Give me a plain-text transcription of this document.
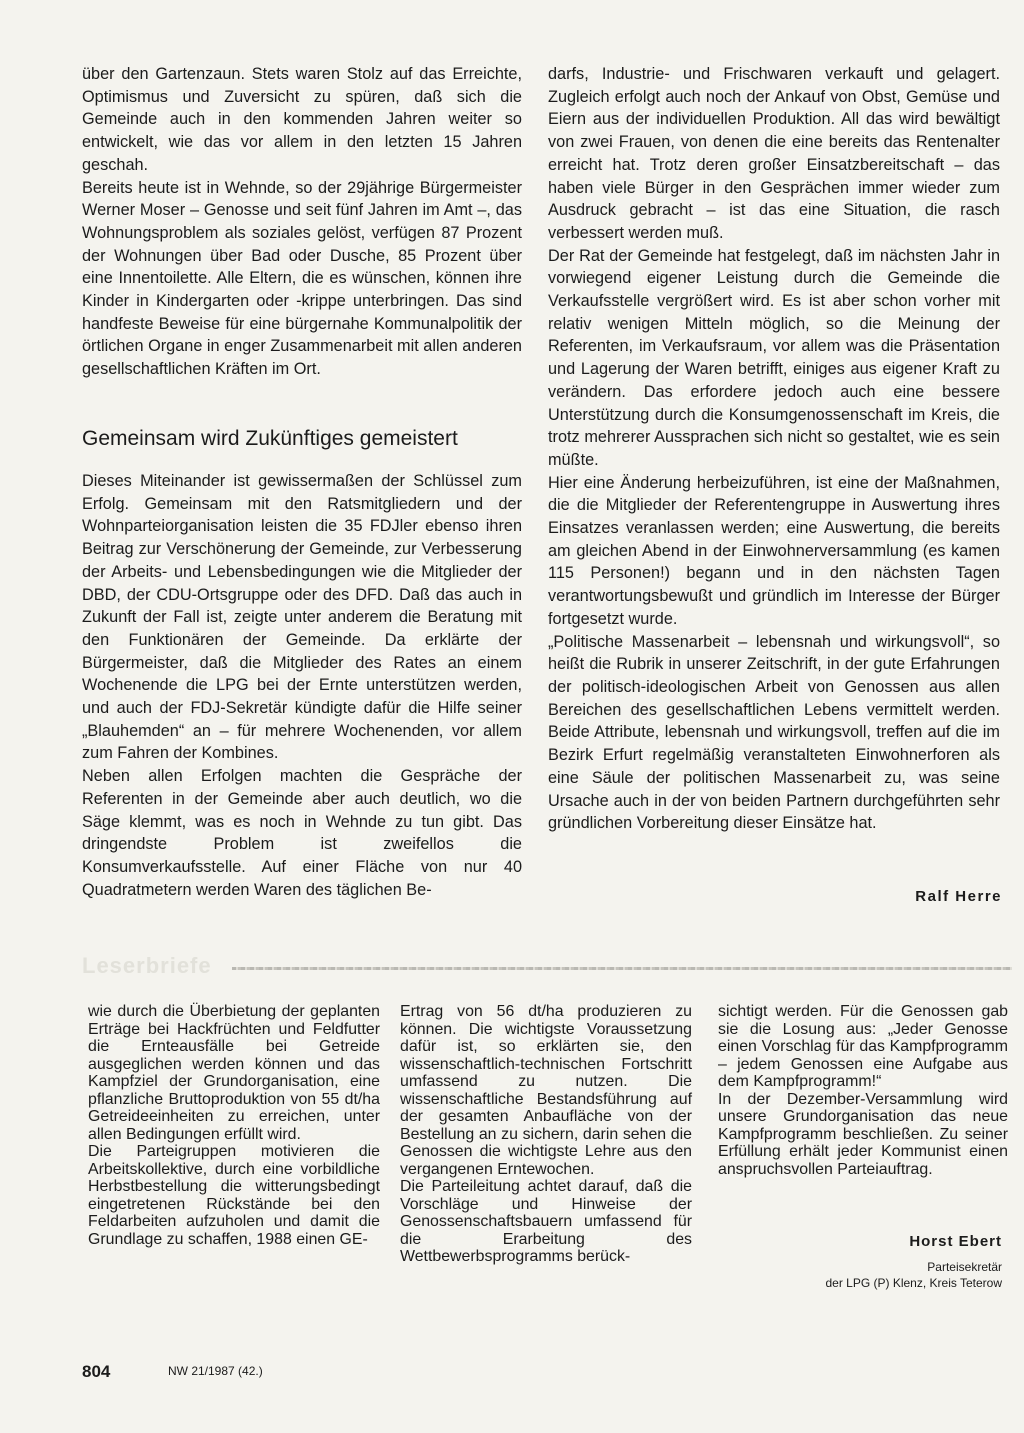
über den Gartenzaun. Stets waren Stolz auf das Erreichte, Optimismus und Zuversicht zu spüren, daß sich die Gemeinde auch in den kommenden Jahren weiter so entwickelt, wie das vor allem in den letzten 15 Jahren geschah.

Bereits heute ist in Wehnde, so der 29jährige Bürgermeister Werner Moser – Genosse und seit fünf Jahren im Amt –, das Wohnungsproblem als soziales gelöst, verfügen 87 Prozent der Wohnungen über Bad oder Dusche, 85 Prozent über eine Innentoilette. Alle Eltern, die es wünschen, können ihre Kinder in Kindergarten oder -krippe unterbringen. Das sind handfeste Beweise für eine bürgernahe Kommunalpolitik der örtlichen Organe in enger Zusammenarbeit mit allen anderen gesellschaftlichen Kräften im Ort.

Gemeinsam wird Zukünftiges gemeistert

Dieses Miteinander ist gewissermaßen der Schlüssel zum Erfolg. Gemeinsam mit den Ratsmitgliedern und der Wohnparteiorganisation leisten die 35 FDJler ebenso ihren Beitrag zur Verschönerung der Gemeinde, zur Verbesserung der Arbeits- und Lebensbedingungen wie die Mitglieder der DBD, der CDU-Ortsgruppe oder des DFD. Daß das auch in Zukunft der Fall ist, zeigte unter anderem die Beratung mit den Funktionären der Gemeinde. Da erklärte der Bürgermeister, daß die Mitglieder des Rates an einem Wochenende die LPG bei der Ernte unterstützen werden, und auch der FDJ-Sekretär kündigte dafür die Hilfe seiner „Blauhemden“ an – für mehrere Wochenenden, vor allem zum Fahren der Kombines.

Neben allen Erfolgen machten die Gespräche der Referenten in der Gemeinde aber auch deutlich, wo die Säge klemmt, was es noch in Wehnde zu tun gibt. Das dringendste Problem ist zweifellos die Konsumverkaufsstelle. Auf einer Fläche von nur 40 Quadratmetern werden Waren des täglichen Be-

darfs, Industrie- und Frischwaren verkauft und gelagert. Zugleich erfolgt auch noch der Ankauf von Obst, Gemüse und Eiern aus der individuellen Produktion. All das wird bewältigt von zwei Frauen, von denen die eine bereits das Rentenalter erreicht hat. Trotz deren großer Einsatzbereitschaft – das haben viele Bürger in den Gesprächen immer wieder zum Ausdruck gebracht – ist das eine Situation, die rasch verbessert werden muß.

Der Rat der Gemeinde hat festgelegt, daß im nächsten Jahr in vorwiegend eigener Leistung durch die Gemeinde die Verkaufsstelle vergrößert wird. Es ist aber schon vorher mit relativ wenigen Mitteln möglich, so die Meinung der Referenten, im Verkaufsraum, vor allem was die Präsentation und Lagerung der Waren betrifft, einiges aus eigener Kraft zu verändern. Das erfordere jedoch auch eine bessere Unterstützung durch die Konsumgenossenschaft im Kreis, die trotz mehrerer Aussprachen sich nicht so gestaltet, wie es sein müßte.

Hier eine Änderung herbeizuführen, ist eine der Maßnahmen, die die Mitglieder der Referentengruppe in Auswertung ihres Einsatzes veranlassen werden; eine Auswertung, die bereits am gleichen Abend in der Einwohnerversammlung (es kamen 115 Personen!) begann und in den nächsten Tagen verantwortungsbewußt und gründlich im Interesse der Bürger fortgesetzt wurde.

„Politische Massenarbeit – lebensnah und wirkungsvoll“, so heißt die Rubrik in unserer Zeitschrift, in der gute Erfahrungen der politisch-ideologischen Arbeit von Genossen aus allen Bereichen des gesellschaftlichen Lebens vermittelt werden. Beide Attribute, lebensnah und wirkungsvoll, treffen auf die im Bezirk Erfurt regelmäßig veranstalteten Einwohnerforen als eine Säule der politischen Massenarbeit zu, was seine Ursache auch in der von beiden Partnern durchgeführten sehr gründlichen Vorbereitung dieser Einsätze hat.

Ralf Herre

Leserbriefe

wie durch die Überbietung der geplanten Erträge bei Hackfrüchten und Feldfutter die Ernteausfälle bei Getreide ausgeglichen werden können und das Kampfziel der Grundorganisation, eine pflanzliche Bruttoproduktion von 55 dt/ha Getreideeinheiten zu erreichen, unter allen Bedingungen erfüllt wird.

Die Parteigruppen motivieren die Arbeitskollektive, durch eine vorbildliche Herbstbestellung die witterungsbedingt eingetretenen Rückstände bei den Feldarbeiten aufzuholen und damit die Grundlage zu schaffen, 1988 einen GE-

Ertrag von 56 dt/ha produzieren zu können. Die wichtigste Voraussetzung dafür ist, so erklärten sie, den wissenschaftlich-technischen Fortschritt umfassend zu nutzen. Die wissenschaftliche Bestandsführung auf der gesamten Anbaufläche von der Bestellung an zu sichern, darin sehen die Genossen die wichtigste Lehre aus den vergangenen Erntewochen.

Die Parteileitung achtet darauf, daß die Vorschläge und Hinweise der Genossenschaftsbauern umfassend für die Erarbeitung des Wettbewerbsprogramms berück-

sichtigt werden. Für die Genossen gab sie die Losung aus: „Jeder Genosse einen Vorschlag für das Kampfprogramm – jedem Genossen eine Aufgabe aus dem Kampfprogramm!“

In der Dezember-Versammlung wird unsere Grundorganisation das neue Kampfprogramm beschließen. Zu seiner Erfüllung erhält jeder Kommunist einen anspruchsvollen Parteiauftrag.

Horst Ebert

Parteisekretär
der LPG (P) Klenz, Kreis Teterow

804	NW 21/1987 (42.)
